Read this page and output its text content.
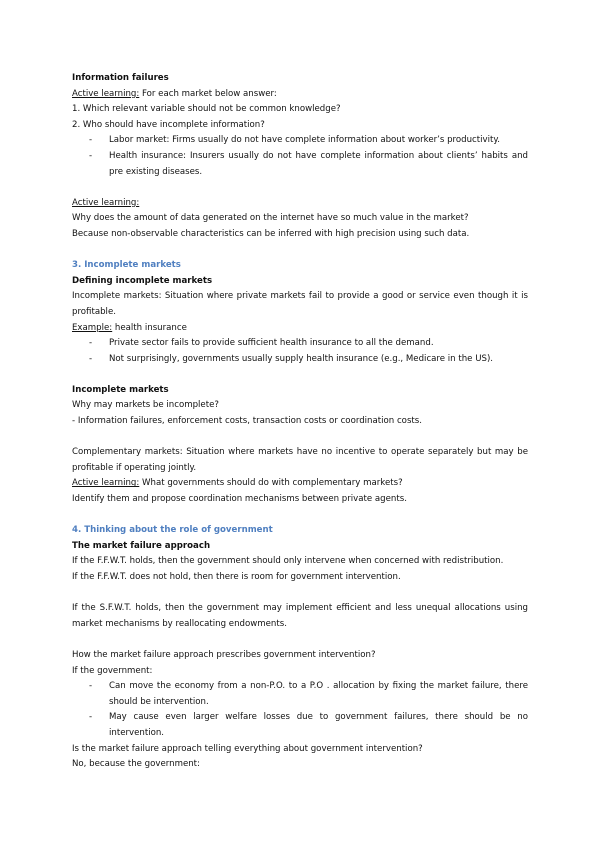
Information failures

Active learning: For each market below answer:

1. Which relevant variable should not be common knowledge?

2. Who should have incomplete information?

- Labor market: Firms usually do not have complete information about worker’s productivity.
- Health insurance: Insurers usually do not have complete information about clients’ habits and pre existing diseases.

Active learning:

Why does the amount of data generated on the internet have so much value in the market?

Because non-observable characteristics can be inferred with high precision using such data.

3. Incomplete markets

Defining incomplete markets

Incomplete markets: Situation where private markets fail to provide a good or service even though it is profitable.

Example: health insurance

- Private sector fails to provide sufficient health insurance to all the demand.
- Not surprisingly, governments usually supply health insurance (e.g., Medicare in the US).

Incomplete markets

Why may markets be incomplete?

- Information failures, enforcement costs, transaction costs or coordination costs.

Complementary markets: Situation where markets have no incentive to operate separately but may be profitable if operating jointly.

Active learning: What governments should do with complementary markets?

Identify them and propose coordination mechanisms between private agents.

4. Thinking about the role of government

The market failure approach

If the F.F.W.T. holds, then the government should only intervene when concerned with redistribution.

If the F.F.W.T. does not hold, then there is room for government intervention.

If the S.F.W.T. holds, then the government may implement efficient and less unequal allocations using market mechanisms by reallocating endowments.

How the market failure approach prescribes government intervention?

If the government:

- Can move the economy from a non-P.O. to a P.O . allocation by fixing the market failure, there should be intervention.
- May cause even larger welfare losses due to government failures, there should be no intervention.

Is the market failure approach telling everything about government intervention?

No, because the government:
